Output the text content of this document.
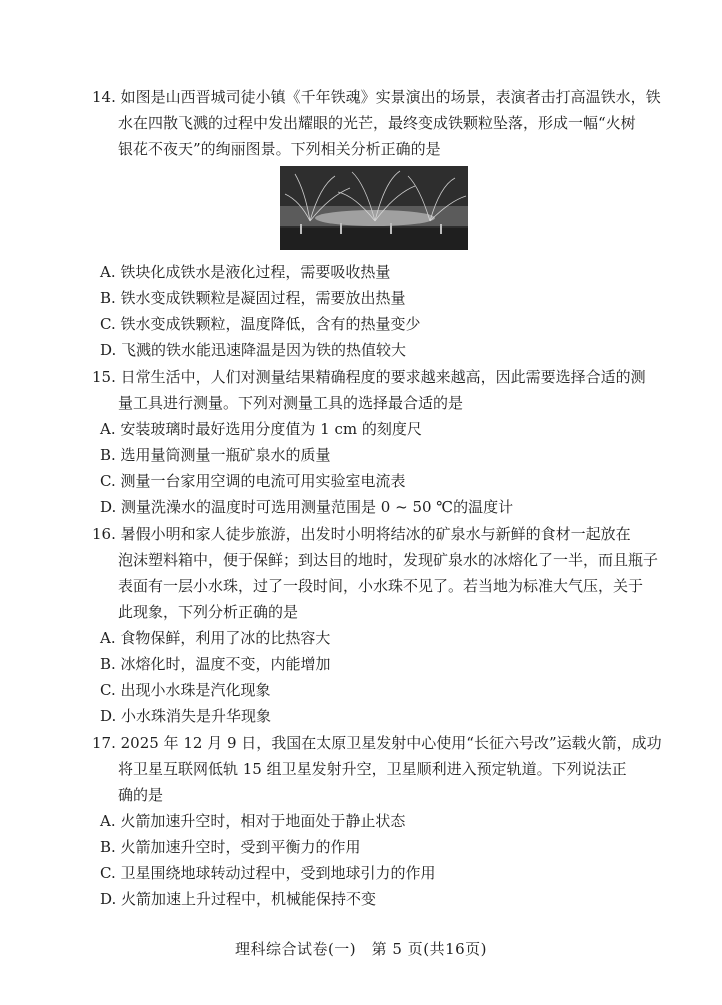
14. 如图是山西晋城司徒小镇《千年铁魂》实景演出的场景，表演者击打高温铁水，铁
水在四散飞溅的过程中发出耀眼的光芒，最终变成铁颗粒坠落，形成一幅“火树
银花不夜天”的绚丽图景。下列相关分析正确的是
A. 铁块化成铁水是液化过程，需要吸收热量
B. 铁水变成铁颗粒是凝固过程，需要放出热量
C. 铁水变成铁颗粒，温度降低，含有的热量变少
D. 飞溅的铁水能迅速降温是因为铁的热值较大
15. 日常生活中，人们对测量结果精确程度的要求越来越高，因此需要选择合适的测
量工具进行测量。下列对测量工具的选择最合适的是
A. 安装玻璃时最好选用分度值为 1 cm 的刻度尺
B. 选用量筒测量一瓶矿泉水的质量
C. 测量一台家用空调的电流可用实验室电流表
D. 测量洗澡水的温度时可选用测量范围是 0 ~ 50 ℃的温度计
16. 暑假小明和家人徒步旅游，出发时小明将结冰的矿泉水与新鲜的食材一起放在
泡沫塑料箱中，便于保鲜；到达目的地时，发现矿泉水的冰熔化了一半，而且瓶子
表面有一层小水珠，过了一段时间，小水珠不见了。若当地为标准大气压，关于
此现象，下列分析正确的是
A. 食物保鲜，利用了冰的比热容大
B. 冰熔化时，温度不变，内能增加
C. 出现小水珠是汽化现象
D. 小水珠消失是升华现象
17. 2025 年 12 月 9 日，我国在太原卫星发射中心使用“长征六号改”运载火箭，成功
将卫星互联网低轨 15 组卫星发射升空，卫星顺利进入预定轨道。下列说法正
确的是
A. 火箭加速升空时，相对于地面处于静止状态
B. 火箭加速升空时，受到平衡力的作用
C. 卫星围绕地球转动过程中，受到地球引力的作用
D. 火箭加速上升过程中，机械能保持不变
理科综合试卷(一)　第 5 页(共16页)
